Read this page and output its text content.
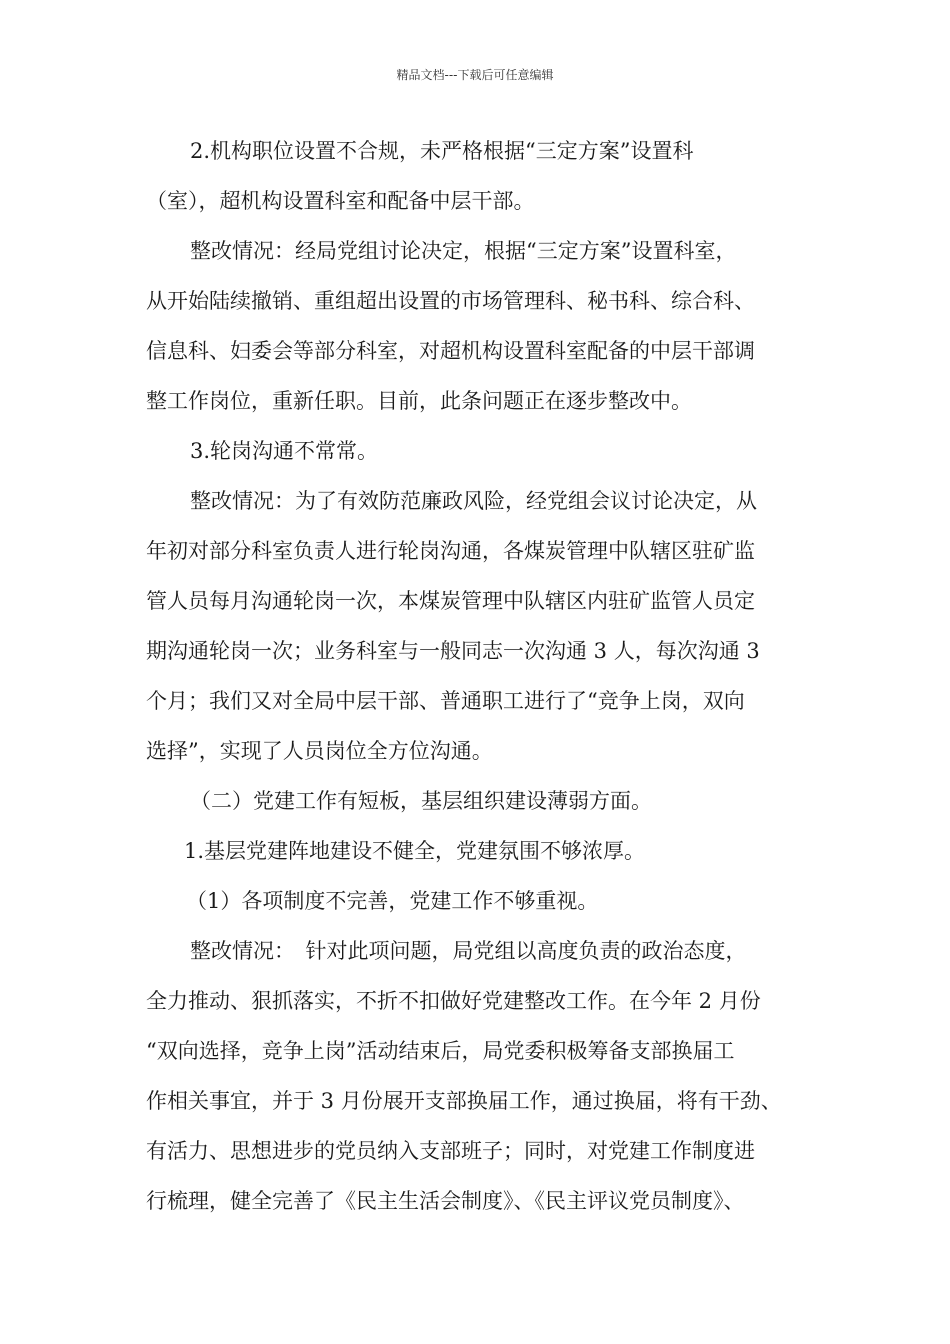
精品文档---下载后可任意编辑
2.机构职位设置不合规，未严格根据“三定方案”设置科
（室），超机构设置科室和配备中层干部。
整改情况：经局党组讨论决定，根据“三定方案”设置科室，
从开始陆续撤销、重组超出设置的市场管理科、秘书科、综合科、
信息科、妇委会等部分科室，对超机构设置科室配备的中层干部调
整工作岗位，重新任职。目前，此条问题正在逐步整改中。
3.轮岗沟通不常常。
整改情况：为了有效防范廉政风险，经党组会议讨论决定，从
年初对部分科室负责人进行轮岗沟通，各煤炭管理中队辖区驻矿监
管人员每月沟通轮岗一次，本煤炭管理中队辖区内驻矿监管人员定
期沟通轮岗一次；业务科室与一般同志一次沟通 3 人，每次沟通 3
个月；我们又对全局中层干部、普通职工进行了“竞争上岗，双向
选择”，实现了人员岗位全方位沟通。
（二）党建工作有短板，基层组织建设薄弱方面。
1.基层党建阵地建设不健全，党建氛围不够浓厚。
（1）各项制度不完善，党建工作不够重视。
整改情况：　针对此项问题，局党组以高度负责的政治态度，
全力推动、狠抓落实，不折不扣做好党建整改工作。在今年 2 月份
“双向选择，竞争上岗”活动结束后，局党委积极筹备支部换届工
作相关事宜，并于 3 月份展开支部换届工作，通过换届，将有干劲、
有活力、思想进步的党员纳入支部班子；同时，对党建工作制度进
行梳理，健全完善了《民主生活会制度》、《民主评议党员制度》、
